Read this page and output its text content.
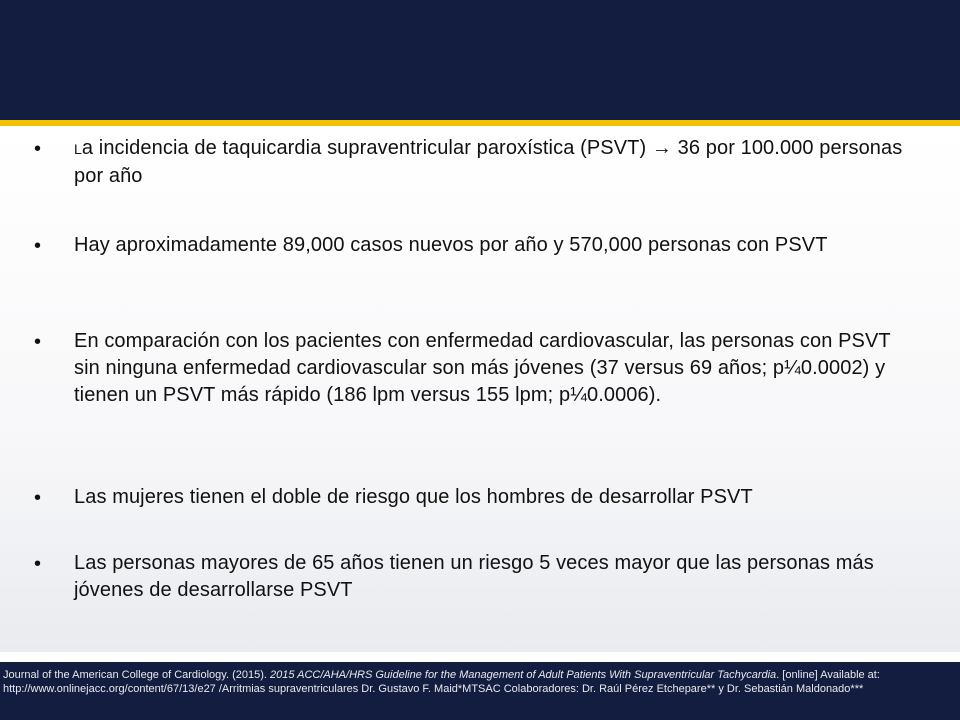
•	La incidencia de taquicardia supraventricular paroxística (PSVT) → 36 por 100.000 personas por año
•	Hay aproximadamente 89,000 casos nuevos por año y 570,000 personas con PSVT
•	En comparación con los pacientes con enfermedad cardiovascular, las personas con PSVT sin ninguna enfermedad cardiovascular son más jóvenes (37 versus 69 años; p¼0.0002) y tienen un PSVT más rápido (186 lpm versus 155 lpm; p¼0.0006).
•	Las mujeres tienen el doble de riesgo que los hombres de desarrollar PSVT
•	Las personas mayores de 65 años tienen un riesgo 5 veces mayor que las personas más jóvenes de desarrollarse PSVT
Journal of the American College of Cardiology. (2015). 2015 ACC/AHA/HRS Guideline for the Management of Adult Patients With Supraventricular Tachycardia. [online] Available at: http://www.onlinejacc.org/content/67/13/e27 /Arritmias supraventriculares Dr. Gustavo F. Maid*MTSAC Colaboradores: Dr. Raúl Pérez Etchepare** y Dr. Sebastián Maldonado***
